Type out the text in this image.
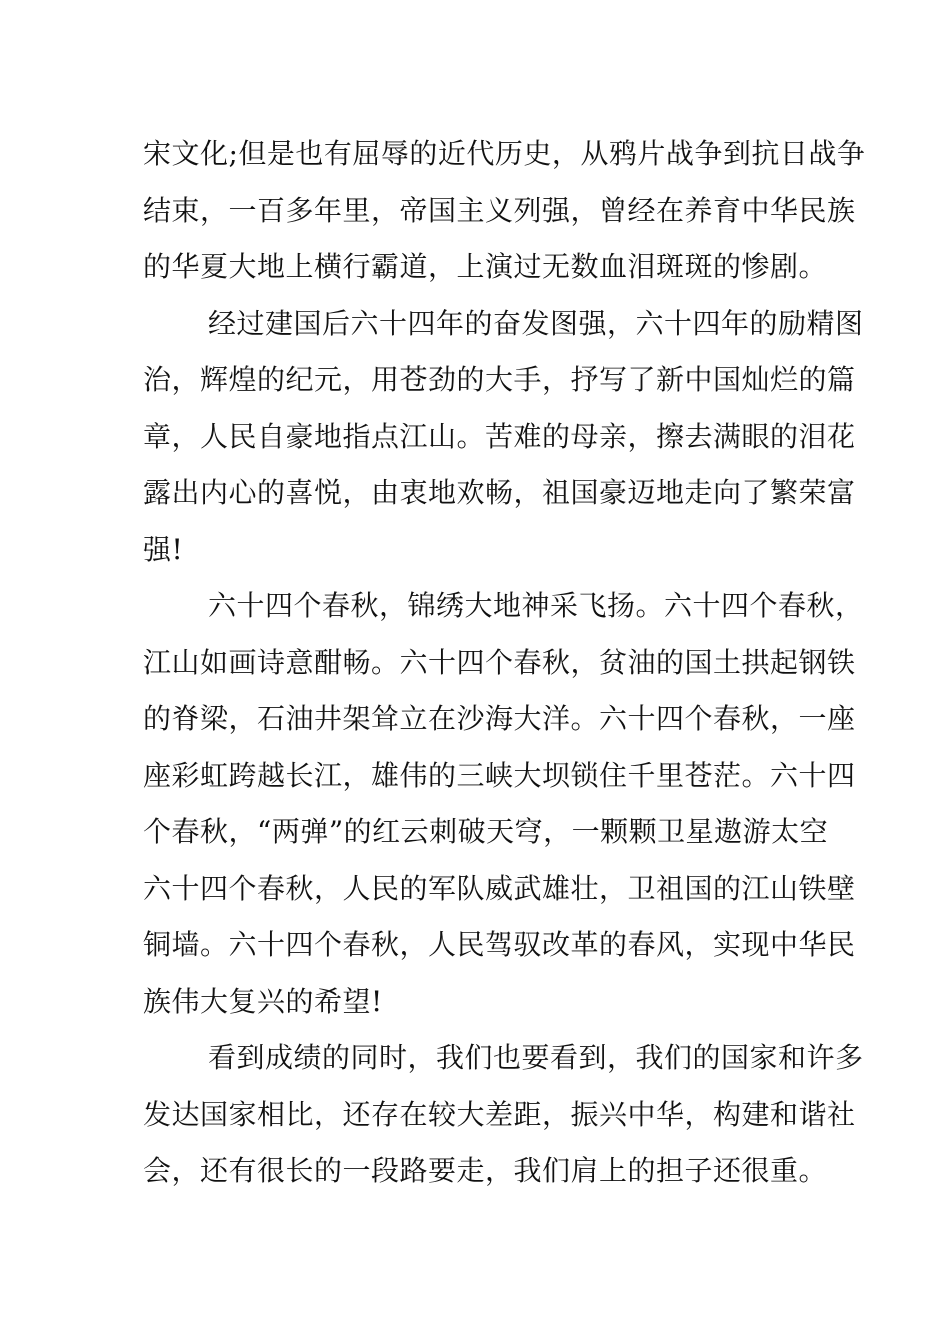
宋文化;但是也有屈辱的近代历史，从鸦片战争到抗日战争
结束，一百多年里，帝国主义列强，曾经在养育中华民族
的华夏大地上横行霸道，上演过无数血泪斑斑的惨剧。
经过建国后六十四年的奋发图强，六十四年的励精图
治，辉煌的纪元，用苍劲的大手，抒写了新中国灿烂的篇
章，人民自豪地指点江山。苦难的母亲，擦去满眼的泪花
露出内心的喜悦，由衷地欢畅，祖国豪迈地走向了繁荣富
强!
六十四个春秋，锦绣大地神采飞扬。六十四个春秋，
江山如画诗意酣畅。六十四个春秋，贫油的国土拱起钢铁
的脊梁，石油井架耸立在沙海大洋。六十四个春秋，一座
座彩虹跨越长江，雄伟的三峡大坝锁住千里苍茫。六十四
个春秋，“两弹”的红云刺破天穹，一颗颗卫星遨游太空
六十四个春秋，人民的军队威武雄壮，卫祖国的江山铁壁
铜墙。六十四个春秋，人民驾驭改革的春风，实现中华民
族伟大复兴的希望!
看到成绩的同时，我们也要看到，我们的国家和许多
发达国家相比，还存在较大差距，振兴中华，构建和谐社
会，还有很长的一段路要走，我们肩上的担子还很重。
